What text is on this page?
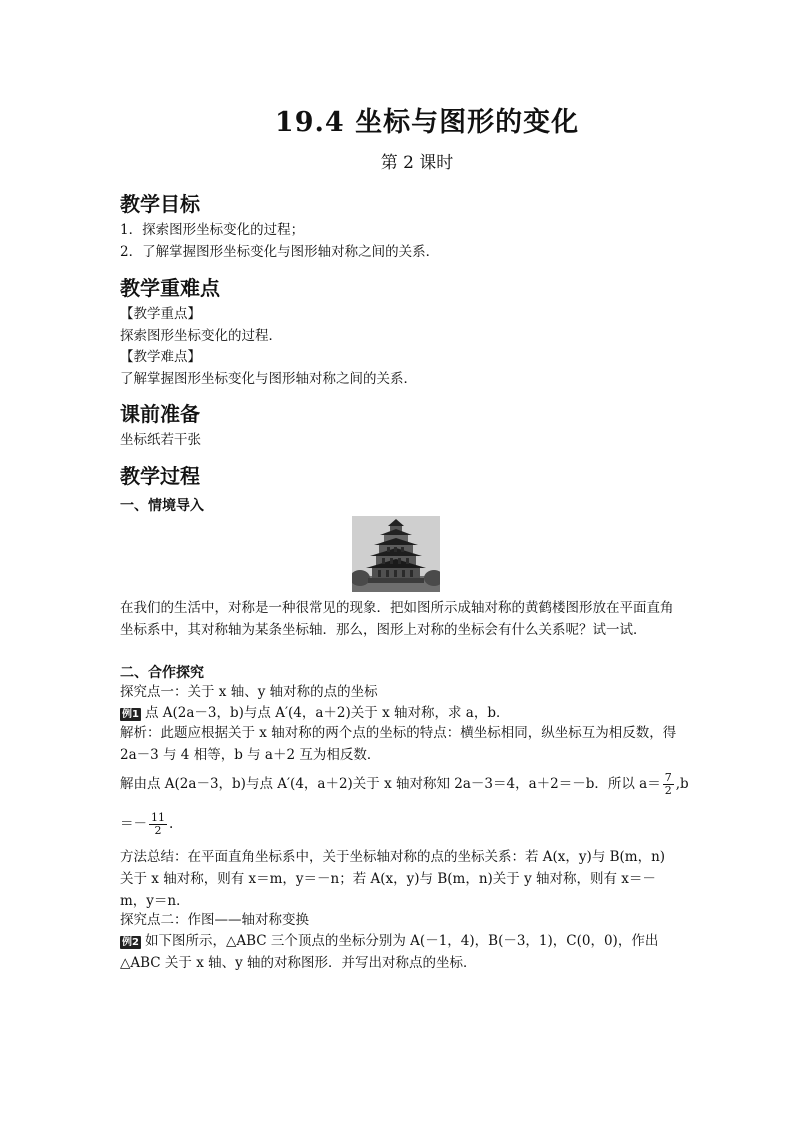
19.4 坐标与图形的变化
第 2 课时
教学目标

1．探索图形坐标变化的过程；

2．了解掌握图形坐标变化与图形轴对称之间的关系．

教学重难点

【教学重点】

探索图形坐标变化的过程．

【教学难点】

了解掌握图形坐标变化与图形轴对称之间的关系．

课前准备

坐标纸若干张

教学过程
一、情境导入

在我们的生活中，对称是一种很常见的现象．把如图所示成轴对称的黄鹤楼图形放在平面直角坐标系中，其对称轴为某条坐标轴．那么，图形上对称的坐标会有什么关系呢？试一试．

二、合作探究

探究点一：关于 x 轴、y 轴对称的点的坐标

例1 点 A(2a－3，b)与点 A′(4，a＋2)关于 x 轴对称，求 a，b．

解析：此题应根据关于 x 轴对称的两个点的坐标的特点：横坐标相同，纵坐标互为相反数，得 2a－3 与 4 相等，b 与 a＋2 互为相反数．

解由点 A(2a－3，b)与点 A′(4，a＋2)关于 x 轴对称知 2a－3＝4，a＋2＝－b．所以 $a= \frac{7}{2} ,b$

＝－ $\frac{11}{2}$ .

方法总结：在平面直角坐标系中，关于坐标轴对称的点的坐标关系：若 A(x，y)与 B(m，n)关于 x 轴对称，则有 x＝m，y＝－n；若 A(x，y)与 B(m，n)关于 y 轴对称，则有 x＝－m，y＝n．

探究点二：作图——轴对称变换

例2 如下图所示，△ABC 三个顶点的坐标分别为 A(－1，4)，B(－3，1)，C(0，0)，作出△ABC 关于 x 轴、y 轴的对称图形．并写出对称点的坐标．
